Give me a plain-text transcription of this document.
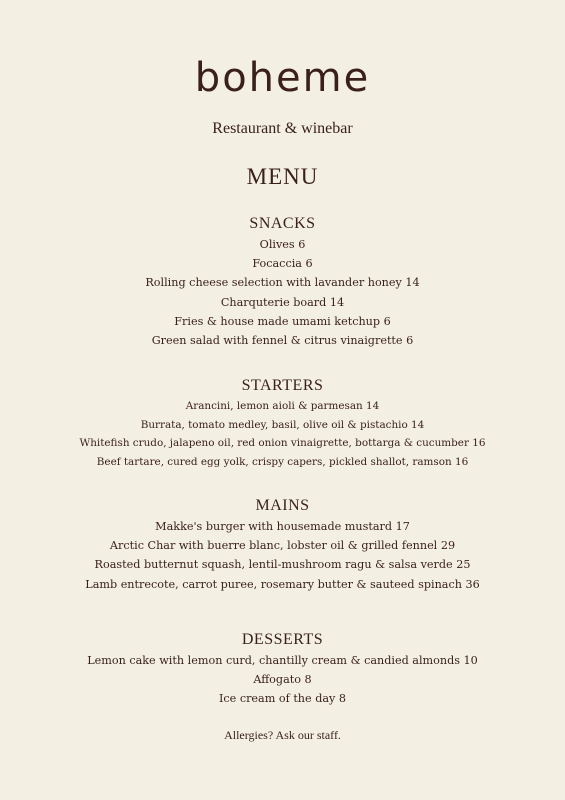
boheme
Restaurant & winebar
MENU
SNACKS
Olives 6
Focaccia 6
Rolling cheese selection with lavander honey 14
Charquterie board 14
Fries & house made umami ketchup 6
Green salad with fennel & citrus vinaigrette 6
STARTERS
Arancini, lemon aioli & parmesan 14
Burrata, tomato medley, basil, olive oil & pistachio 14
Whitefish crudo, jalapeno oil, red onion vinaigrette, bottarga & cucumber 16
Beef tartare, cured egg yolk, crispy capers, pickled shallot, ramson 16
MAINS
Makke's burger with housemade mustard 17
Arctic Char with buerre blanc, lobster oil & grilled fennel 29
Roasted butternut squash, lentil-mushroom ragu & salsa verde 25
Lamb entrecote, carrot puree, rosemary butter & sauteed spinach 36
DESSERTS
Lemon cake with lemon curd, chantilly cream & candied almonds 10
Affogato 8
Ice cream of the day 8
Allergies? Ask our staff.
